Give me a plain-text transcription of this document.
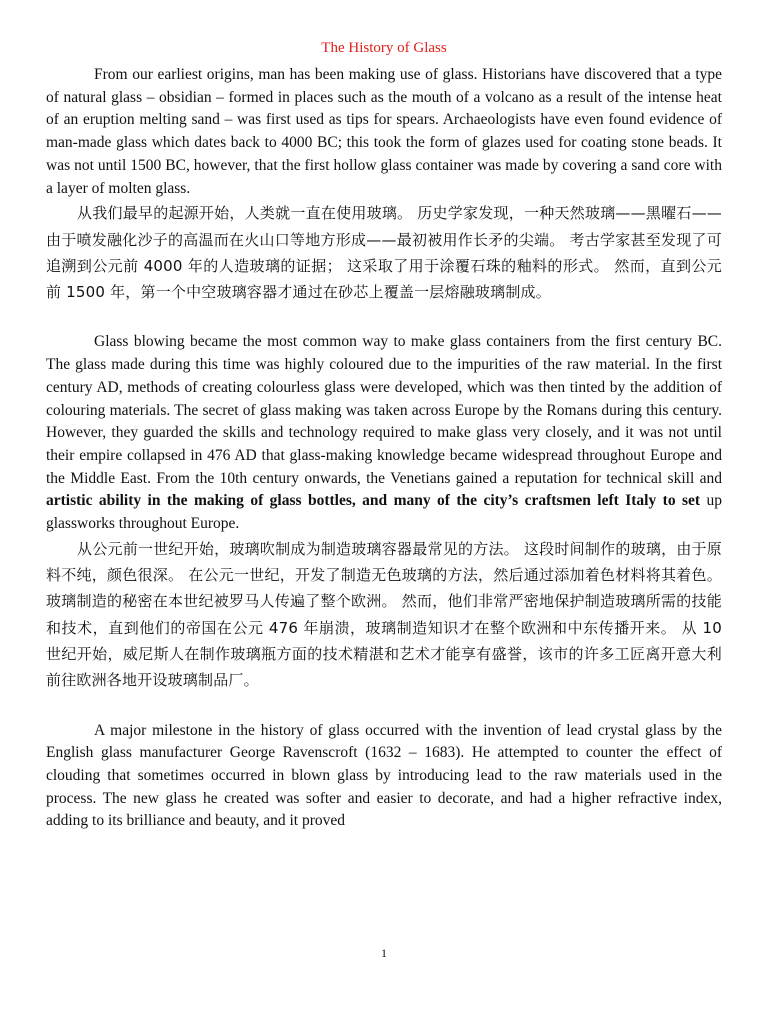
The History of Glass

From our earliest origins, man has been making use of glass. Historians have discovered that a type of natural glass – obsidian – formed in places such as the mouth of a volcano as a result of the intense heat of an eruption melting sand – was first used as tips for spears. Archaeologists have even found evidence of man-made glass which dates back to 4000 BC; this took the form of glazes used for coating stone beads. It was not until 1500 BC, however, that the first hollow glass container was made by covering a sand core with a layer of molten glass.

从我们最早的起源开始，人类就一直在使用玻璃。 历史学家发现，一种天然玻璃——黑曜石——由于喷发融化沙子的高温而在火山口等地方形成——最初被用作长矛的尖端。 考古学家甚至发现了可追溯到公元前 4000 年的人造玻璃的证据； 这采取了用于涂覆石珠的釉料的形式。 然而，直到公元前 1500 年，第一个中空玻璃容器才通过在砂芯上覆盖一层熔融玻璃制成。

Glass blowing became the most common way to make glass containers from the first century BC. The glass made during this time was highly coloured due to the impurities of the raw material. In the first century AD, methods of creating colourless glass were developed, which was then tinted by the addition of colouring materials. The secret of glass making was taken across Europe by the Romans during this century. However, they guarded the skills and technology required to make glass very closely, and it was not until their empire collapsed in 476 AD that glass-making knowledge became widespread throughout Europe and the Middle East. From the 10th century onwards, the Venetians gained a reputation for technical skill and artistic ability in the making of glass bottles, and many of the city’s craftsmen left Italy to set up glassworks throughout Europe.

从公元前一世纪开始，玻璃吹制成为制造玻璃容器最常见的方法。 这段时间制作的玻璃，由于原料不纯，颜色很深。 在公元一世纪，开发了制造无色玻璃的方法，然后通过添加着色材料将其着色。 玻璃制造的秘密在本世纪被罗马人传遍了整个欧洲。 然而，他们非常严密地保护制造玻璃所需的技能和技术，直到他们的帝国在公元 476 年崩溃，玻璃制造知识才在整个欧洲和中东传播开来。 从 10 世纪开始，威尼斯人在制作玻璃瓶方面的技术精湛和艺术才能享有盛誉，该市的许多工匠离开意大利前往欧洲各地开设玻璃制品厂。

A major milestone in the history of glass occurred with the invention of lead crystal glass by the English glass manufacturer George Ravenscroft (1632 – 1683). He attempted to counter the effect of clouding that sometimes occurred in blown glass by introducing lead to the raw materials used in the process. The new glass he created was softer and easier to decorate, and had a higher refractive index, adding to its brilliance and beauty, and it proved

1
